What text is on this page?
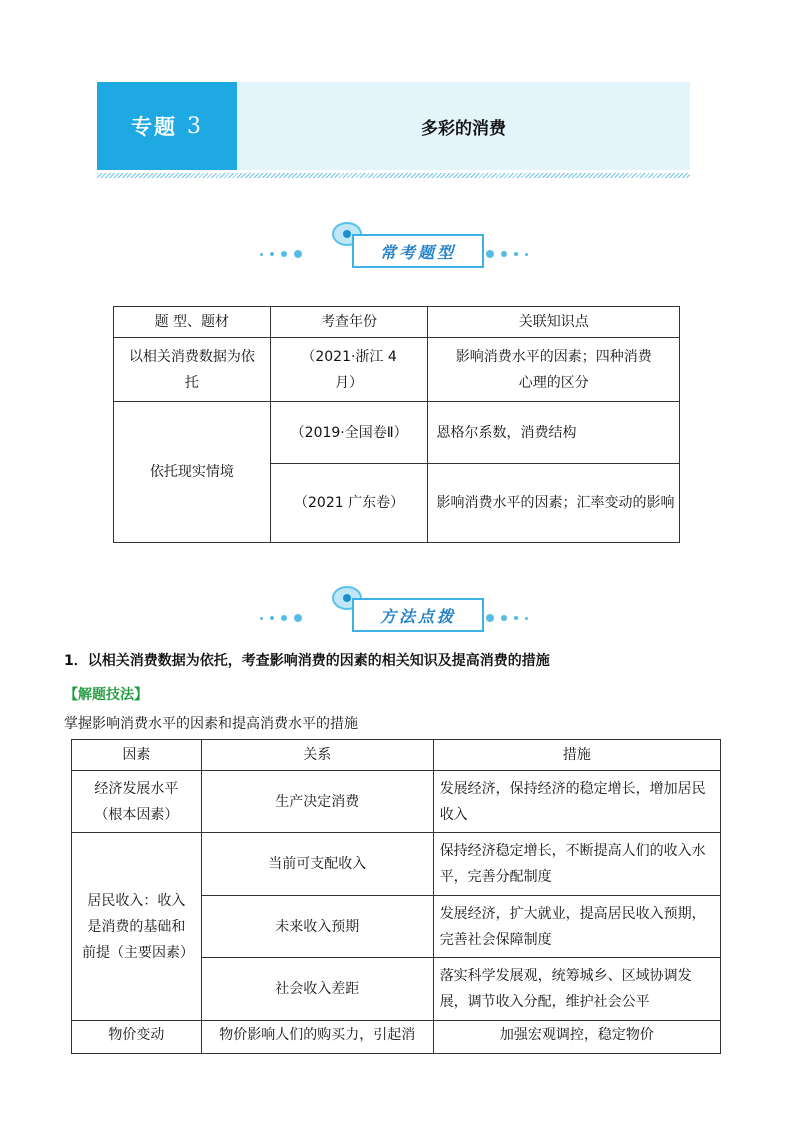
专题 3	多彩的消费
常考题型
题 型、题材	考查年份	关联知识点
以相关消费数据为依托	（2021·浙江 4 月）	影响消费水平的因素；四种消费心理的区分
依托现实情境	（2019·全国卷Ⅱ）	恩格尔系数，消费结构
	（2021 广东卷）	影响消费水平的因素；汇率变动的影响
方法点拨
1．以相关消费数据为依托，考查影响消费的因素的相关知识及提高消费的措施
【解题技法】
掌握影响消费水平的因素和提高消费水平的措施
因素	关系	措施
经济发展水平（根本因素）	生产决定消费	发展经济，保持经济的稳定增长，增加居民收入
居民收入：收入是消费的基础和前提（主要因素）	当前可支配收入	保持经济稳定增长，不断提高人们的收入水平，完善分配制度
	未来收入预期	发展经济，扩大就业，提高居民收入预期，完善社会保障制度
	社会收入差距	落实科学发展观，统筹城乡、区域协调发展，调节收入分配，维护社会公平
物价变动	物价影响人们的购买力，引起消	加强宏观调控，稳定物价
